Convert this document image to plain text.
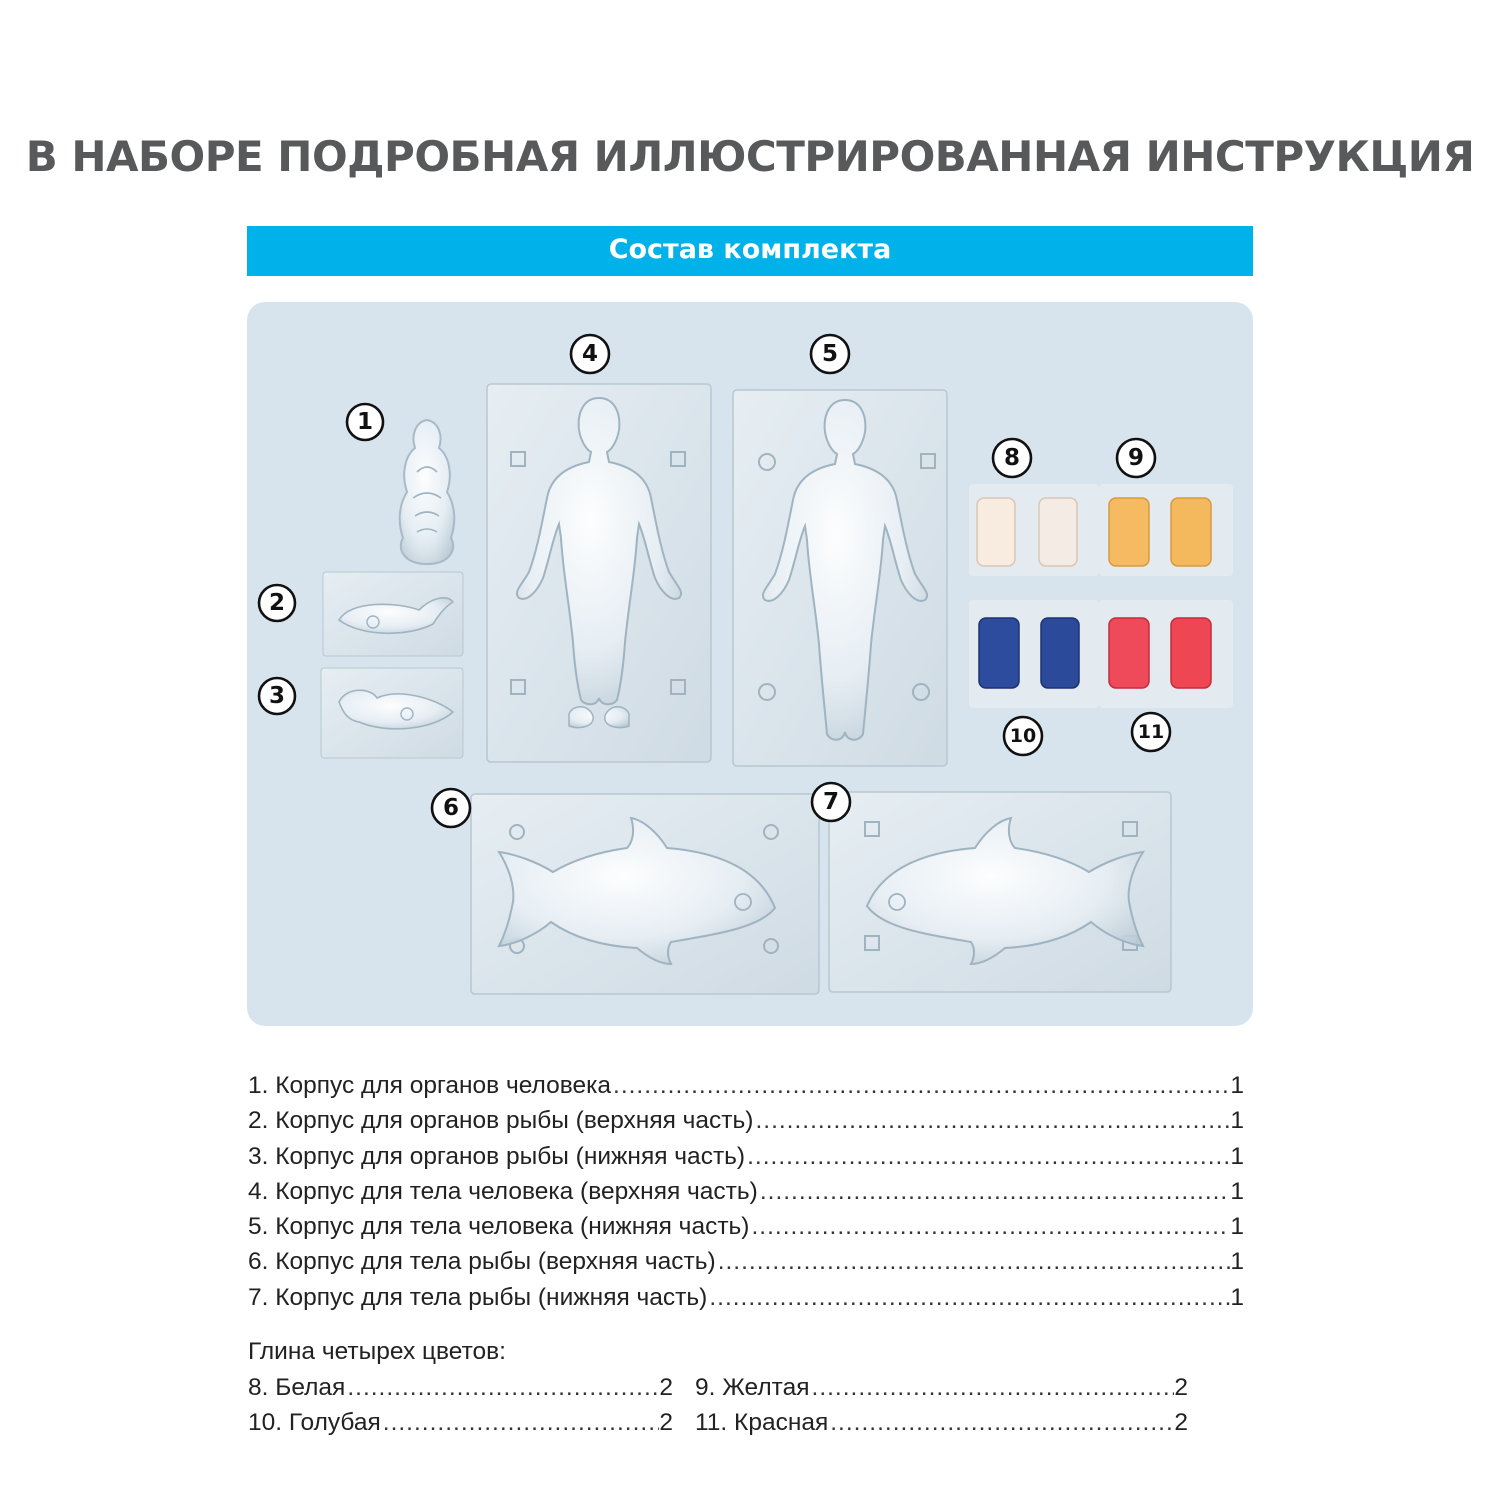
В НАБОРЕ ПОДРОБНАЯ ИЛЛЮСТРИРОВАННАЯ ИНСТРУКЦИЯ
Состав комплекта
1
2
3
4	5
6	7
8	9
10	11
1. Корпус для органов человека .....	1
2. Корпус для органов рыбы (верхняя часть) .....	1
3. Корпус для органов рыбы (нижняя часть) .....	1
4. Корпус для тела человека (верхняя часть) .....	1
5. Корпус для тела человека (нижняя часть) .....	1
6. Корпус для тела рыбы (верхняя часть) .....	1
7. Корпус для тела рыбы (нижняя часть) .....	1
Глина четырех цветов:
8. Белая .....	2 9. Желтая .....	2
10. Голубая .....	2 11. Красная .....	2
